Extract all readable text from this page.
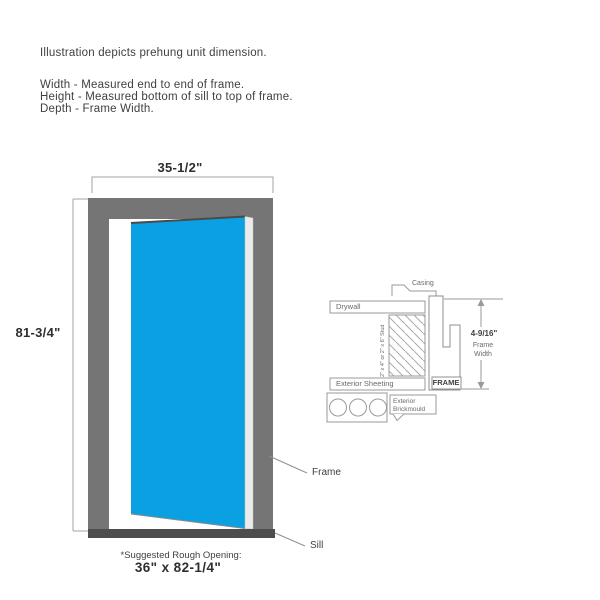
Illustration depicts prehung unit dimension.
Width - Measured end to end of frame.
Height - Measured bottom of sill to top of frame.
Depth - Frame Width.
35-1/2"
81-3/4"
Frame
Sill
*Suggested Rough Opening:
36" x 82-1/4"
Casing
Drywall
2" x 4" or 2" x 6" Stud
Exterior Sheeting	FRAME
4-9/16"
Frame
Width
Exterior
Brickmould
